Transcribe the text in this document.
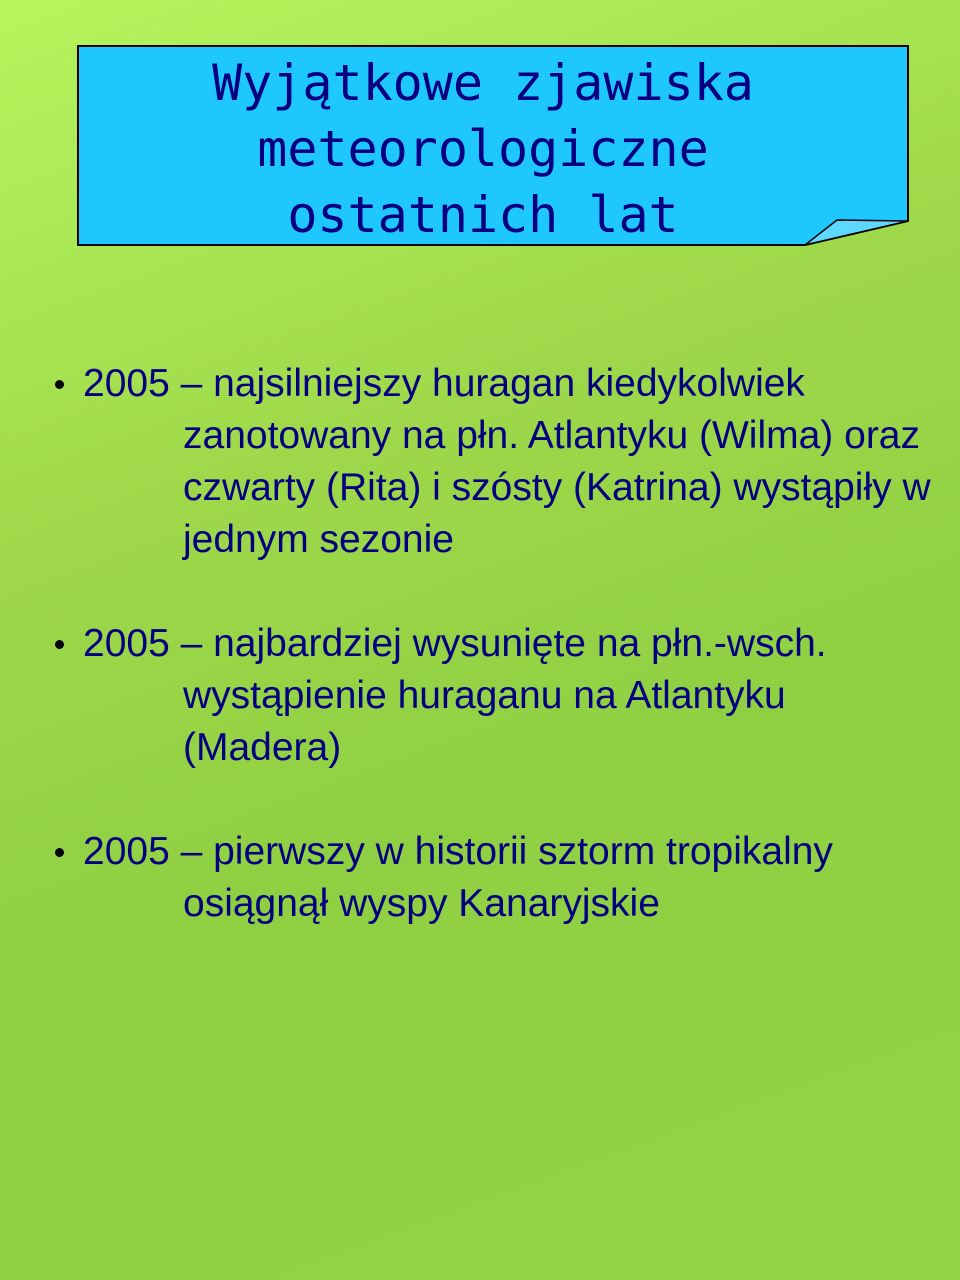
Wyjątkowe zjawiska
meteorologiczne
ostatnich lat
2005 – najsilniejszy huragan kiedykolwiek zanotowany na płn. Atlantyku (Wilma) oraz czwarty (Rita) i szósty (Katrina) wystąpiły w jednym sezonie
2005 – najbardziej wysunięte na płn.-wsch. wystąpienie huraganu na Atlantyku (Madera)
2005 – pierwszy w historii sztorm tropikalny osiągnął wyspy Kanaryjskie
